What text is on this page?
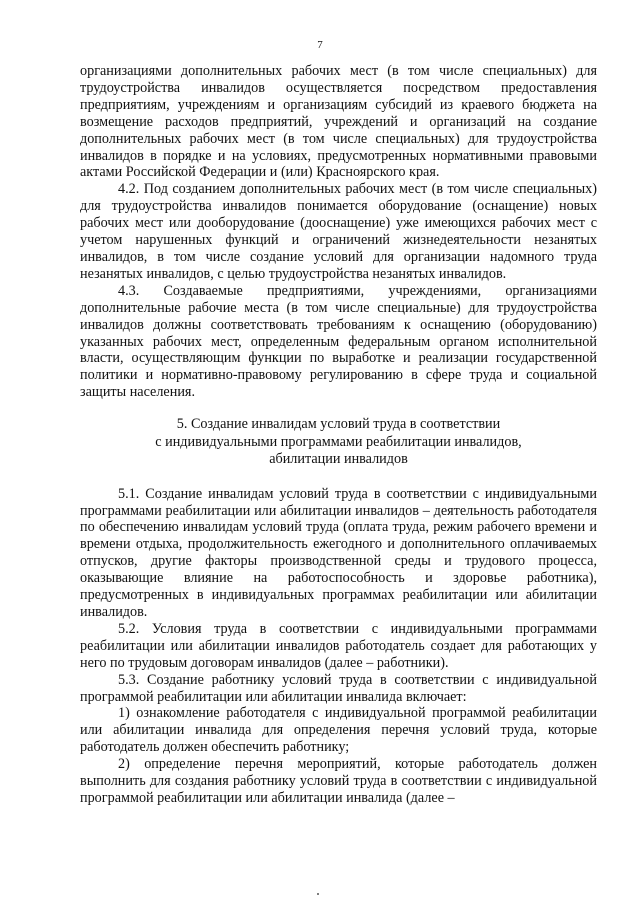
7

организациями дополнительных рабочих мест (в том числе специальных) для трудоустройства инвалидов осуществляется посредством предоставления предприятиям, учреждениям и организациям субсидий из краевого бюджета на возмещение расходов предприятий, учреждений и организаций на создание дополнительных рабочих мест (в том числе специальных) для трудоустройства инвалидов в порядке и на условиях, предусмотренных нормативными правовыми актами Российской Федерации и (или) Красноярского края.

4.2. Под созданием дополнительных рабочих мест (в том числе специальных) для трудоустройства инвалидов понимается оборудование (оснащение) новых рабочих мест или дооборудование (дооснащение) уже имеющихся рабочих мест с учетом нарушенных функций и ограничений жизнедеятельности незанятых инвалидов, в том числе создание условий для организации надомного труда незанятых инвалидов, с целью трудоустройства незанятых инвалидов.

4.3. Создаваемые предприятиями, учреждениями, организациями дополнительные рабочие места (в том числе специальные) для трудоустройства инвалидов должны соответствовать требованиям к оснащению (оборудованию) указанных рабочих мест, определенным федеральным органом исполнительной власти, осуществляющим функции по выработке и реализации государственной политики и нормативно-правовому регулированию в сфере труда и социальной защиты населения.

5. Создание инвалидам условий труда в соответствии
с индивидуальными программами реабилитации инвалидов,
абилитации инвалидов

5.1. Создание инвалидам условий труда в соответствии с индивидуальными программами реабилитации или абилитации инвалидов – деятельность работодателя по обеспечению инвалидам условий труда (оплата труда, режим рабочего времени и времени отдыха, продолжительность ежегодного и дополнительного оплачиваемых отпусков, другие факторы производственной среды и трудового процесса, оказывающие влияние на работоспособность и здоровье работника), предусмотренных в индивидуальных программах реабилитации или абилитации инвалидов.

5.2. Условия труда в соответствии с индивидуальными программами реабилитации или абилитации инвалидов работодатель создает для работающих у него по трудовым договорам инвалидов (далее – работники).

5.3. Создание работнику условий труда в соответствии с индивидуальной программой реабилитации или абилитации инвалида включает:

1) ознакомление работодателя с индивидуальной программой реабилитации или абилитации инвалида для определения перечня условий труда, которые работодатель должен обеспечить работнику;

2) определение перечня мероприятий, которые работодатель должен выполнить для создания работнику условий труда в соответствии с индивидуальной программой реабилитации или абилитации инвалида (далее –
